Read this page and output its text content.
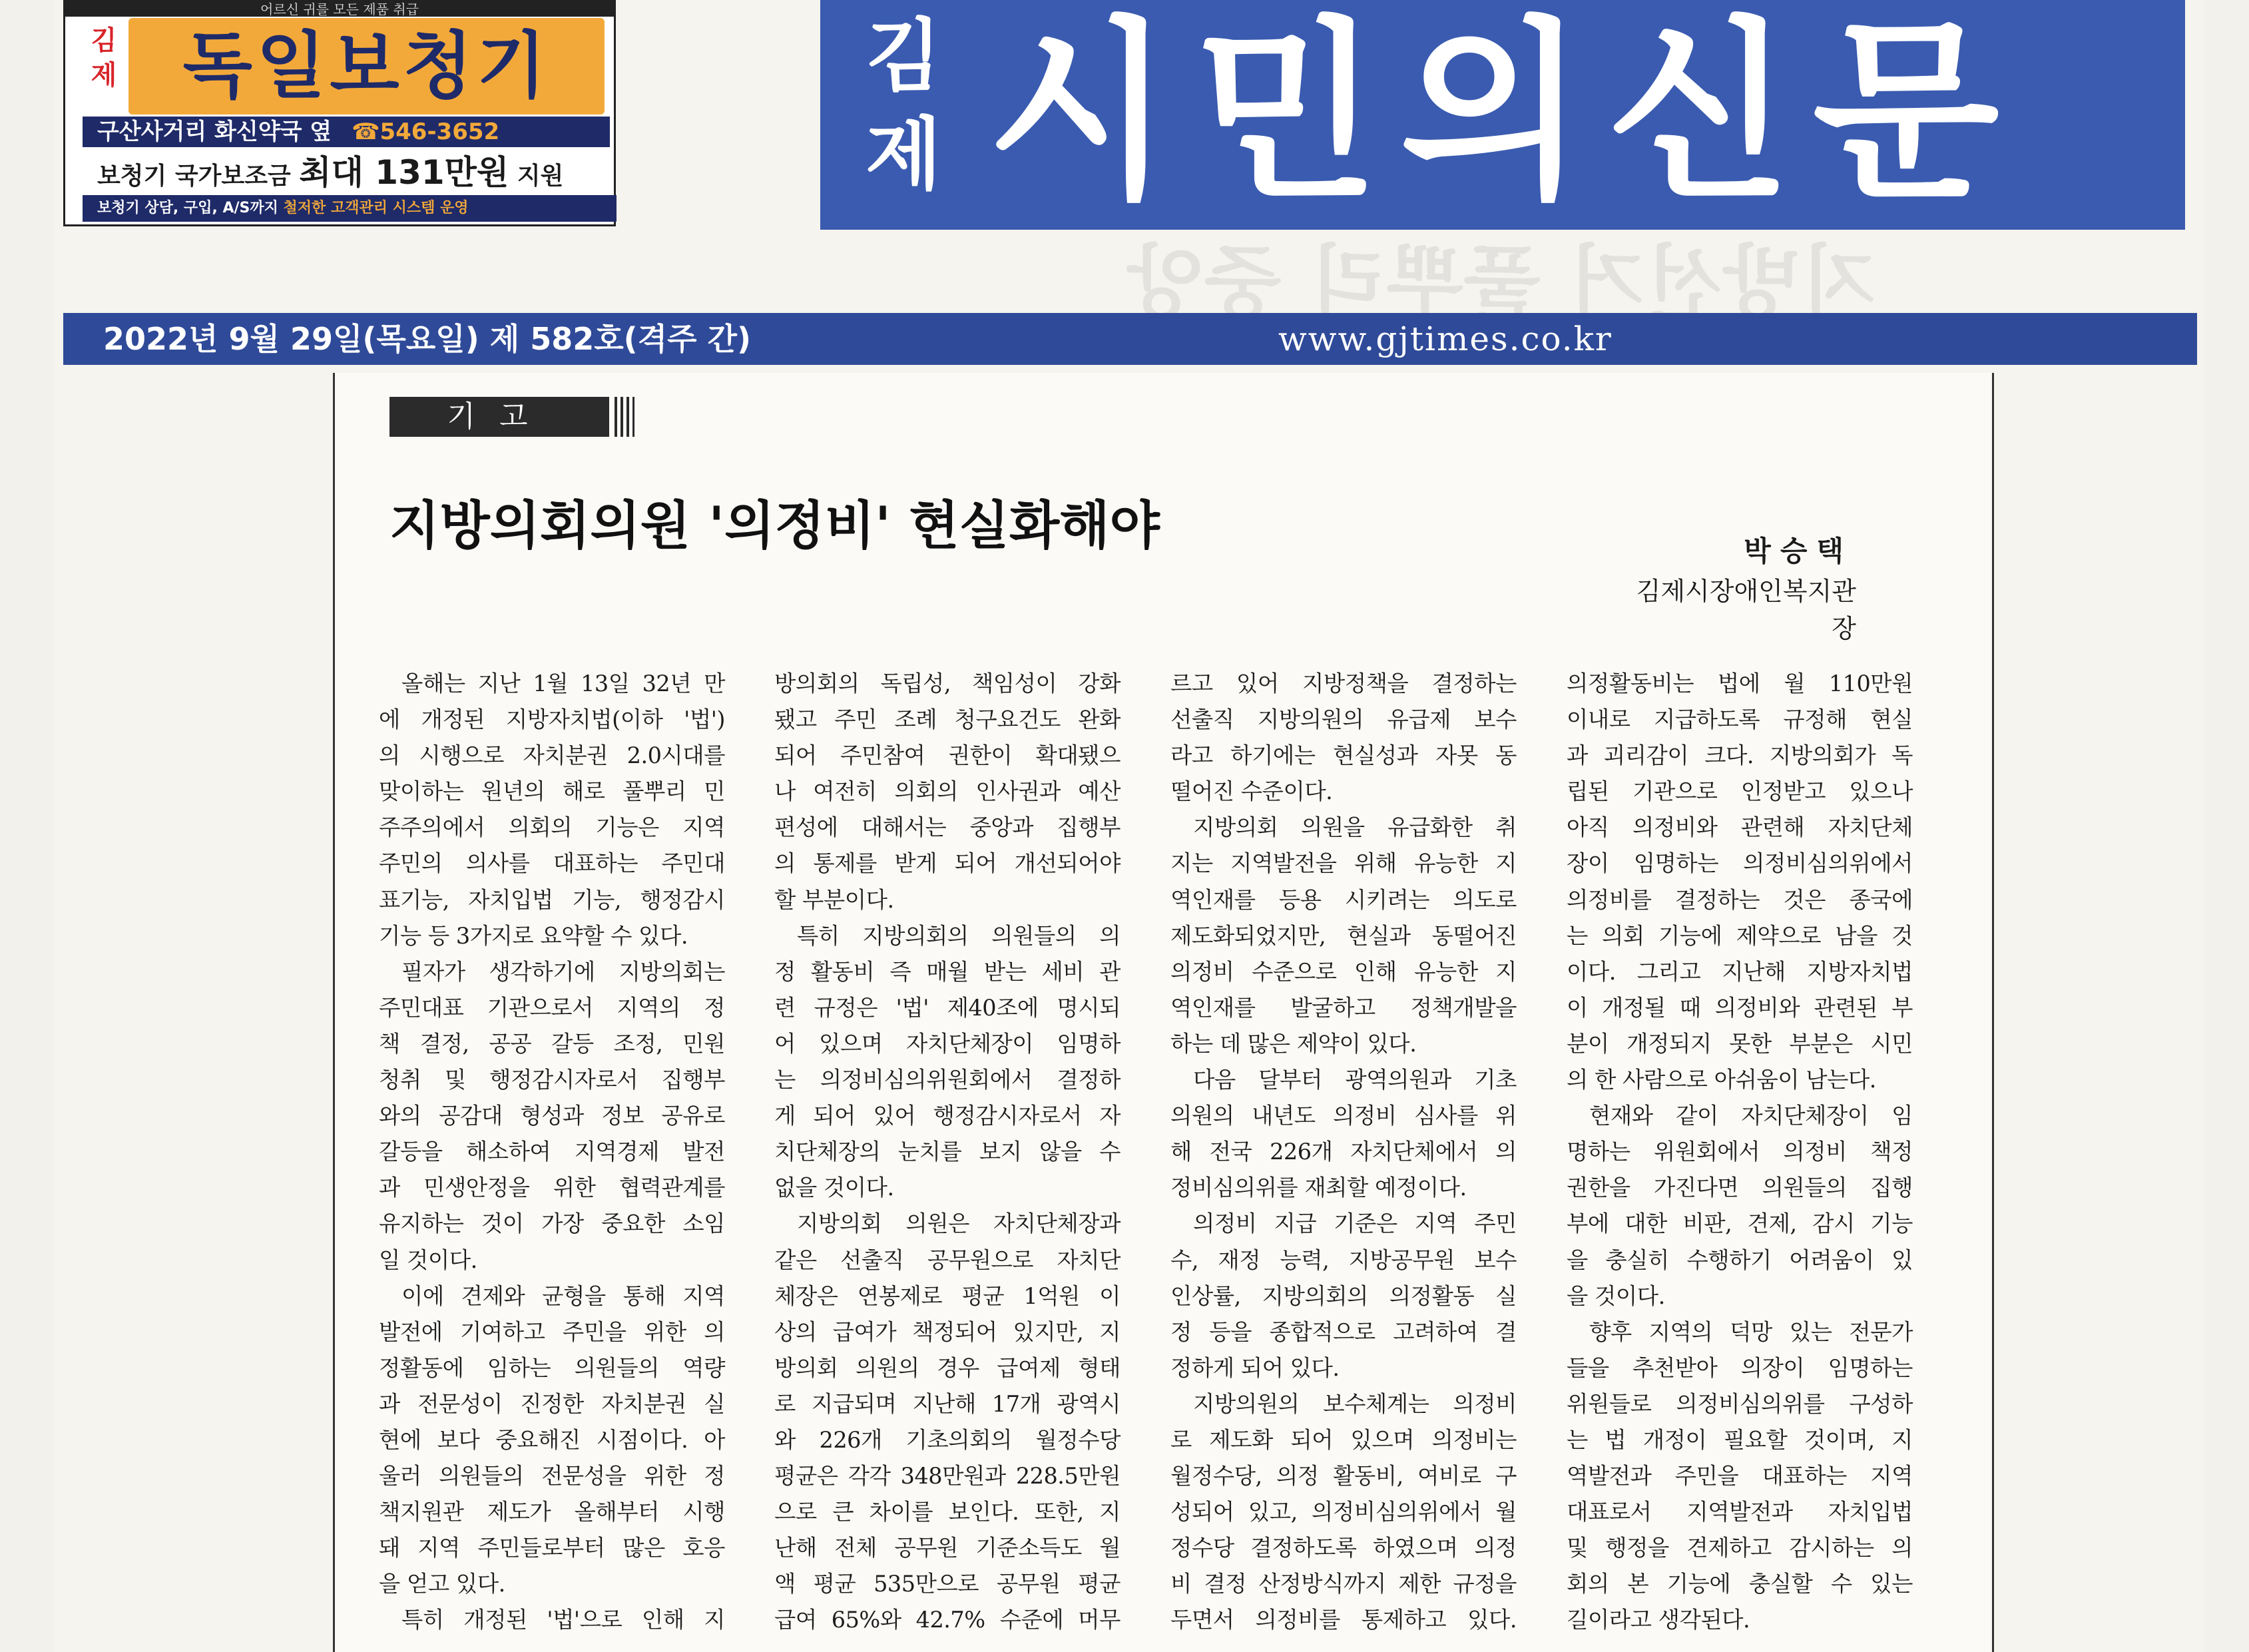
어르신 귀를 모든 제품 취급
김
제 독일보청기
구산사거리 화신약국 옆 ☎546-3652
보청기 국가보조금 최대 131만원 지원
보청기 상담, 구입, A/S까지 철저한 고객관리 시스템 운영
김
제 시민의신문
2022년 9월 29일(목요일) 제 582호(격주 간)	www.gjtimes.co.kr
기고
지방의회의원 '의정비' 현실화해야	박승택
김제시장애인복지관장
올해는 지난 1월 13일 32년 만
에 개정된 지방자치법(이하 '법')
의 시행으로 자치분권 2.0시대를
맞이하는 원년의 해로 풀뿌리 민
주주의에서 의회의 기능은 지역
주민의 의사를 대표하는 주민대
표기능, 자치입법 기능, 행정감시
기능 등 3가지로 요약할 수 있다.
필자가 생각하기에 지방의회는
주민대표 기관으로서 지역의 정
책 결정, 공공 갈등 조정, 민원
청취 및 행정감시자로서 집행부
와의 공감대 형성과 정보 공유로
갈등을 해소하여 지역경제 발전
과 민생안정을 위한 협력관계를
유지하는 것이 가장 중요한 소임
일 것이다.
이에 견제와 균형을 통해 지역
발전에 기여하고 주민을 위한 의
정활동에 임하는 의원들의 역량
과 전문성이 진정한 자치분권 실
현에 보다 중요해진 시점이다. 아
울러 의원들의 전문성을 위한 정
책지원관 제도가 올해부터 시행
돼 지역 주민들로부터 많은 호응
을 얻고 있다.
특히 개정된 '법'으로 인해 지
방의회의 독립성, 책임성이 강화
됐고 주민 조례 청구요건도 완화
되어 주민참여 권한이 확대됐으
나 여전히 의회의 인사권과 예산
편성에 대해서는 중앙과 집행부
의 통제를 받게 되어 개선되어야
할 부분이다.
특히 지방의회의 의원들의 의
정 활동비 즉 매월 받는 세비 관
련 규정은 '법' 제40조에 명시되
어 있으며 자치단체장이 임명하
는 의정비심의위원회에서 결정하
게 되어 있어 행정감시자로서 자
치단체장의 눈치를 보지 않을 수
없을 것이다.
지방의회 의원은 자치단체장과
같은 선출직 공무원으로 자치단
체장은 연봉제로 평균 1억원 이
상의 급여가 책정되어 있지만, 지
방의회 의원의 경우 급여제 형태
로 지급되며 지난해 17개 광역시
와 226개 기초의회의 월정수당
평균은 각각 348만원과 228.5만원
으로 큰 차이를 보인다. 또한, 지
난해 전체 공무원 기준소득도 월
액 평균 535만으로 공무원 평균
급여 65%와 42.7% 수준에 머무
르고 있어 지방정책을 결정하는
선출직 지방의원의 유급제 보수
라고 하기에는 현실성과 자못 동
떨어진 수준이다.
지방의회 의원을 유급화한 취
지는 지역발전을 위해 유능한 지
역인재를 등용 시키려는 의도로
제도화되었지만, 현실과 동떨어진
의정비 수준으로 인해 유능한 지
역인재를 발굴하고 정책개발을
하는 데 많은 제약이 있다.
다음 달부터 광역의원과 기초
의원의 내년도 의정비 심사를 위
해 전국 226개 자치단체에서 의
정비심의위를 재최할 예정이다.
의정비 지급 기준은 지역 주민
수, 재정 능력, 지방공무원 보수
인상률, 지방의회의 의정활동 실
정 등을 종합적으로 고려하여 결
정하게 되어 있다.
지방의원의 보수체계는 의정비
로 제도화 되어 있으며 의정비는
월정수당, 의정 활동비, 여비로 구
성되어 있고, 의정비심의위에서 월
정수당 결정하도록 하였으며 의정
비 결정 산정방식까지 제한 규정을
두면서 의정비를 통제하고 있다.
의정활동비는 법에 월 110만원
이내로 지급하도록 규정해 현실
과 괴리감이 크다. 지방의회가 독
립된 기관으로 인정받고 있으나
아직 의정비와 관련해 자치단체
장이 임명하는 의정비심의위에서
의정비를 결정하는 것은 종국에
는 의회 기능에 제약으로 남을 것
이다. 그리고 지난해 지방자치법
이 개정될 때 의정비와 관련된 부
분이 개정되지 못한 부분은 시민
의 한 사람으로 아쉬움이 남는다.
현재와 같이 자치단체장이 임
명하는 위원회에서 의정비 책정
권한을 가진다면 의원들의 집행
부에 대한 비판, 견제, 감시 기능
을 충실히 수행하기 어려움이 있
을 것이다.
향후 지역의 덕망 있는 전문가
들을 추천받아 의장이 임명하는
위원들로 의정비심의위를 구성하
는 법 개정이 필요할 것이며, 지
역발전과 주민을 대표하는 지역
대표로서 지역발전과 자치입법
및 행정을 견제하고 감시하는 의
회의 본 기능에 충실할 수 있는
길이라고 생각된다.
